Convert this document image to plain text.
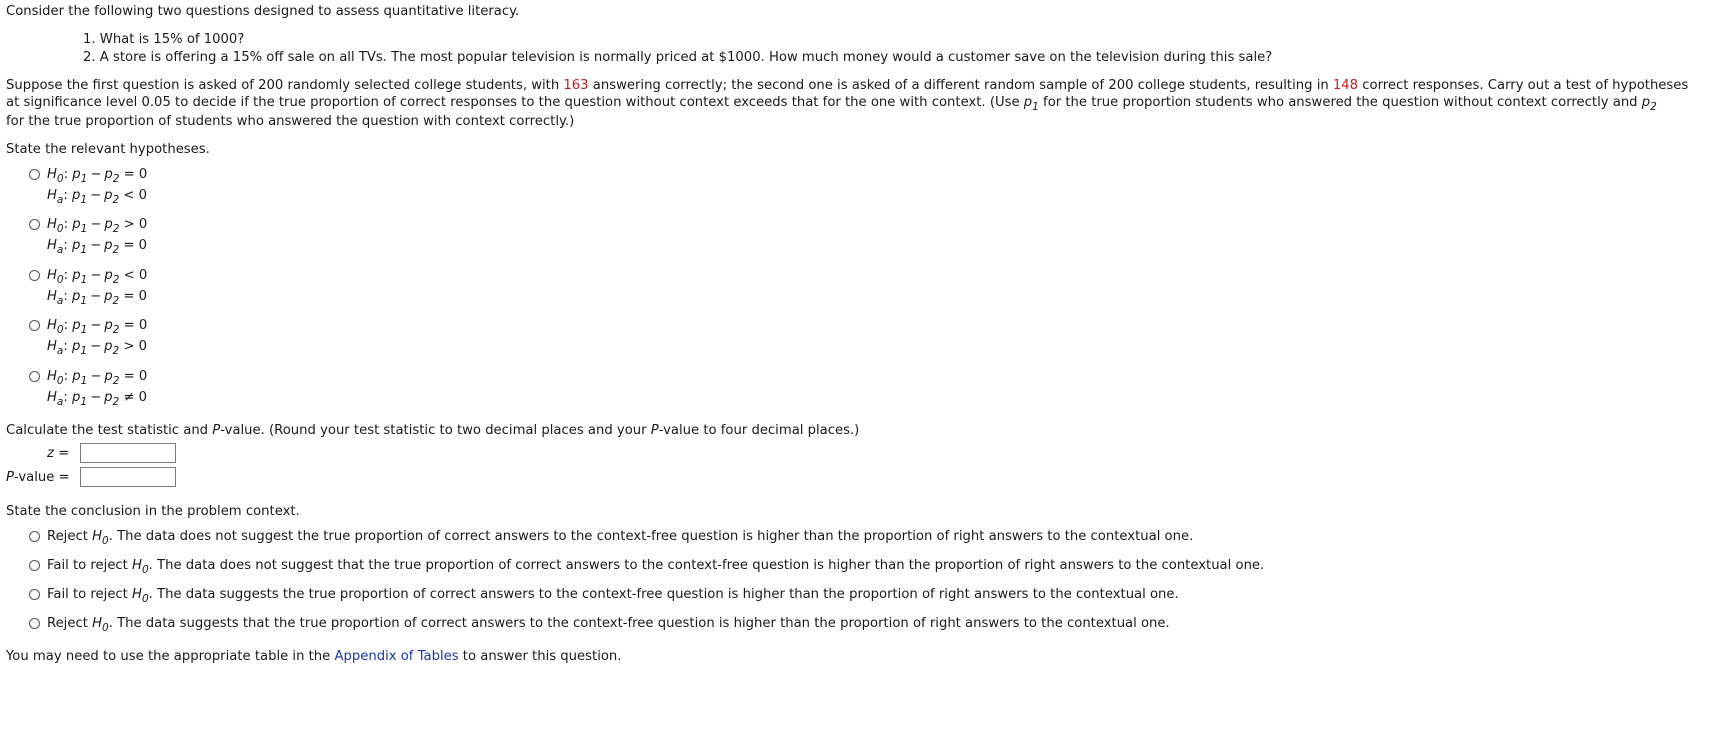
Consider the following two questions designed to assess quantitative literacy.
1. What is 15% of 1000?
2. A store is offering a 15% off sale on all TVs. The most popular television is normally priced at $1000. How much money would a customer save on the television during this sale?
Suppose the first question is asked of 200 randomly selected college students, with 163 answering correctly; the second one is asked of a different random sample of 200 college students, resulting in 148 correct responses. Carry out a test of hypotheses
at significance level 0.05 to decide if the true proportion of correct responses to the question without context exceeds that for the one with context. (Use $p_1$ for the true proportion students who answered the question without context correctly and $p_2$
for the true proportion of students who answered the question with context correctly.)
State the relevant hypotheses.
$H_0$: $p_1 - p_2 = 0$
$H_a$: $p_1 - p_2 < 0$
$H_0$: $p_1 - p_2 > 0$
$H_a$: $p_1 - p_2 = 0$
$H_0$: $p_1 - p_2 < 0$
$H_a$: $p_1 - p_2 = 0$
$H_0$: $p_1 - p_2 = 0$
$H_a$: $p_1 - p_2 > 0$
$H_0$: $p_1 - p_2 = 0$
$H_a$: $p_1 - p_2 \ne 0$
Calculate the test statistic and P-value. (Round your test statistic to two decimal places and your P-value to four decimal places.)
z =
P-value =
State the conclusion in the problem context.
Reject $H_0$. The data does not suggest the true proportion of correct answers to the context-free question is higher than the proportion of right answers to the contextual one.
Fail to reject $H_0$. The data does not suggest that the true proportion of correct answers to the context-free question is higher than the proportion of right answers to the contextual one.
Fail to reject $H_0$. The data suggests the true proportion of correct answers to the context-free question is higher than the proportion of right answers to the contextual one.
Reject $H_0$. The data suggests that the true proportion of correct answers to the context-free question is higher than the proportion of right answers to the contextual one.
You may need to use the appropriate table in the Appendix of Tables to answer this question.
